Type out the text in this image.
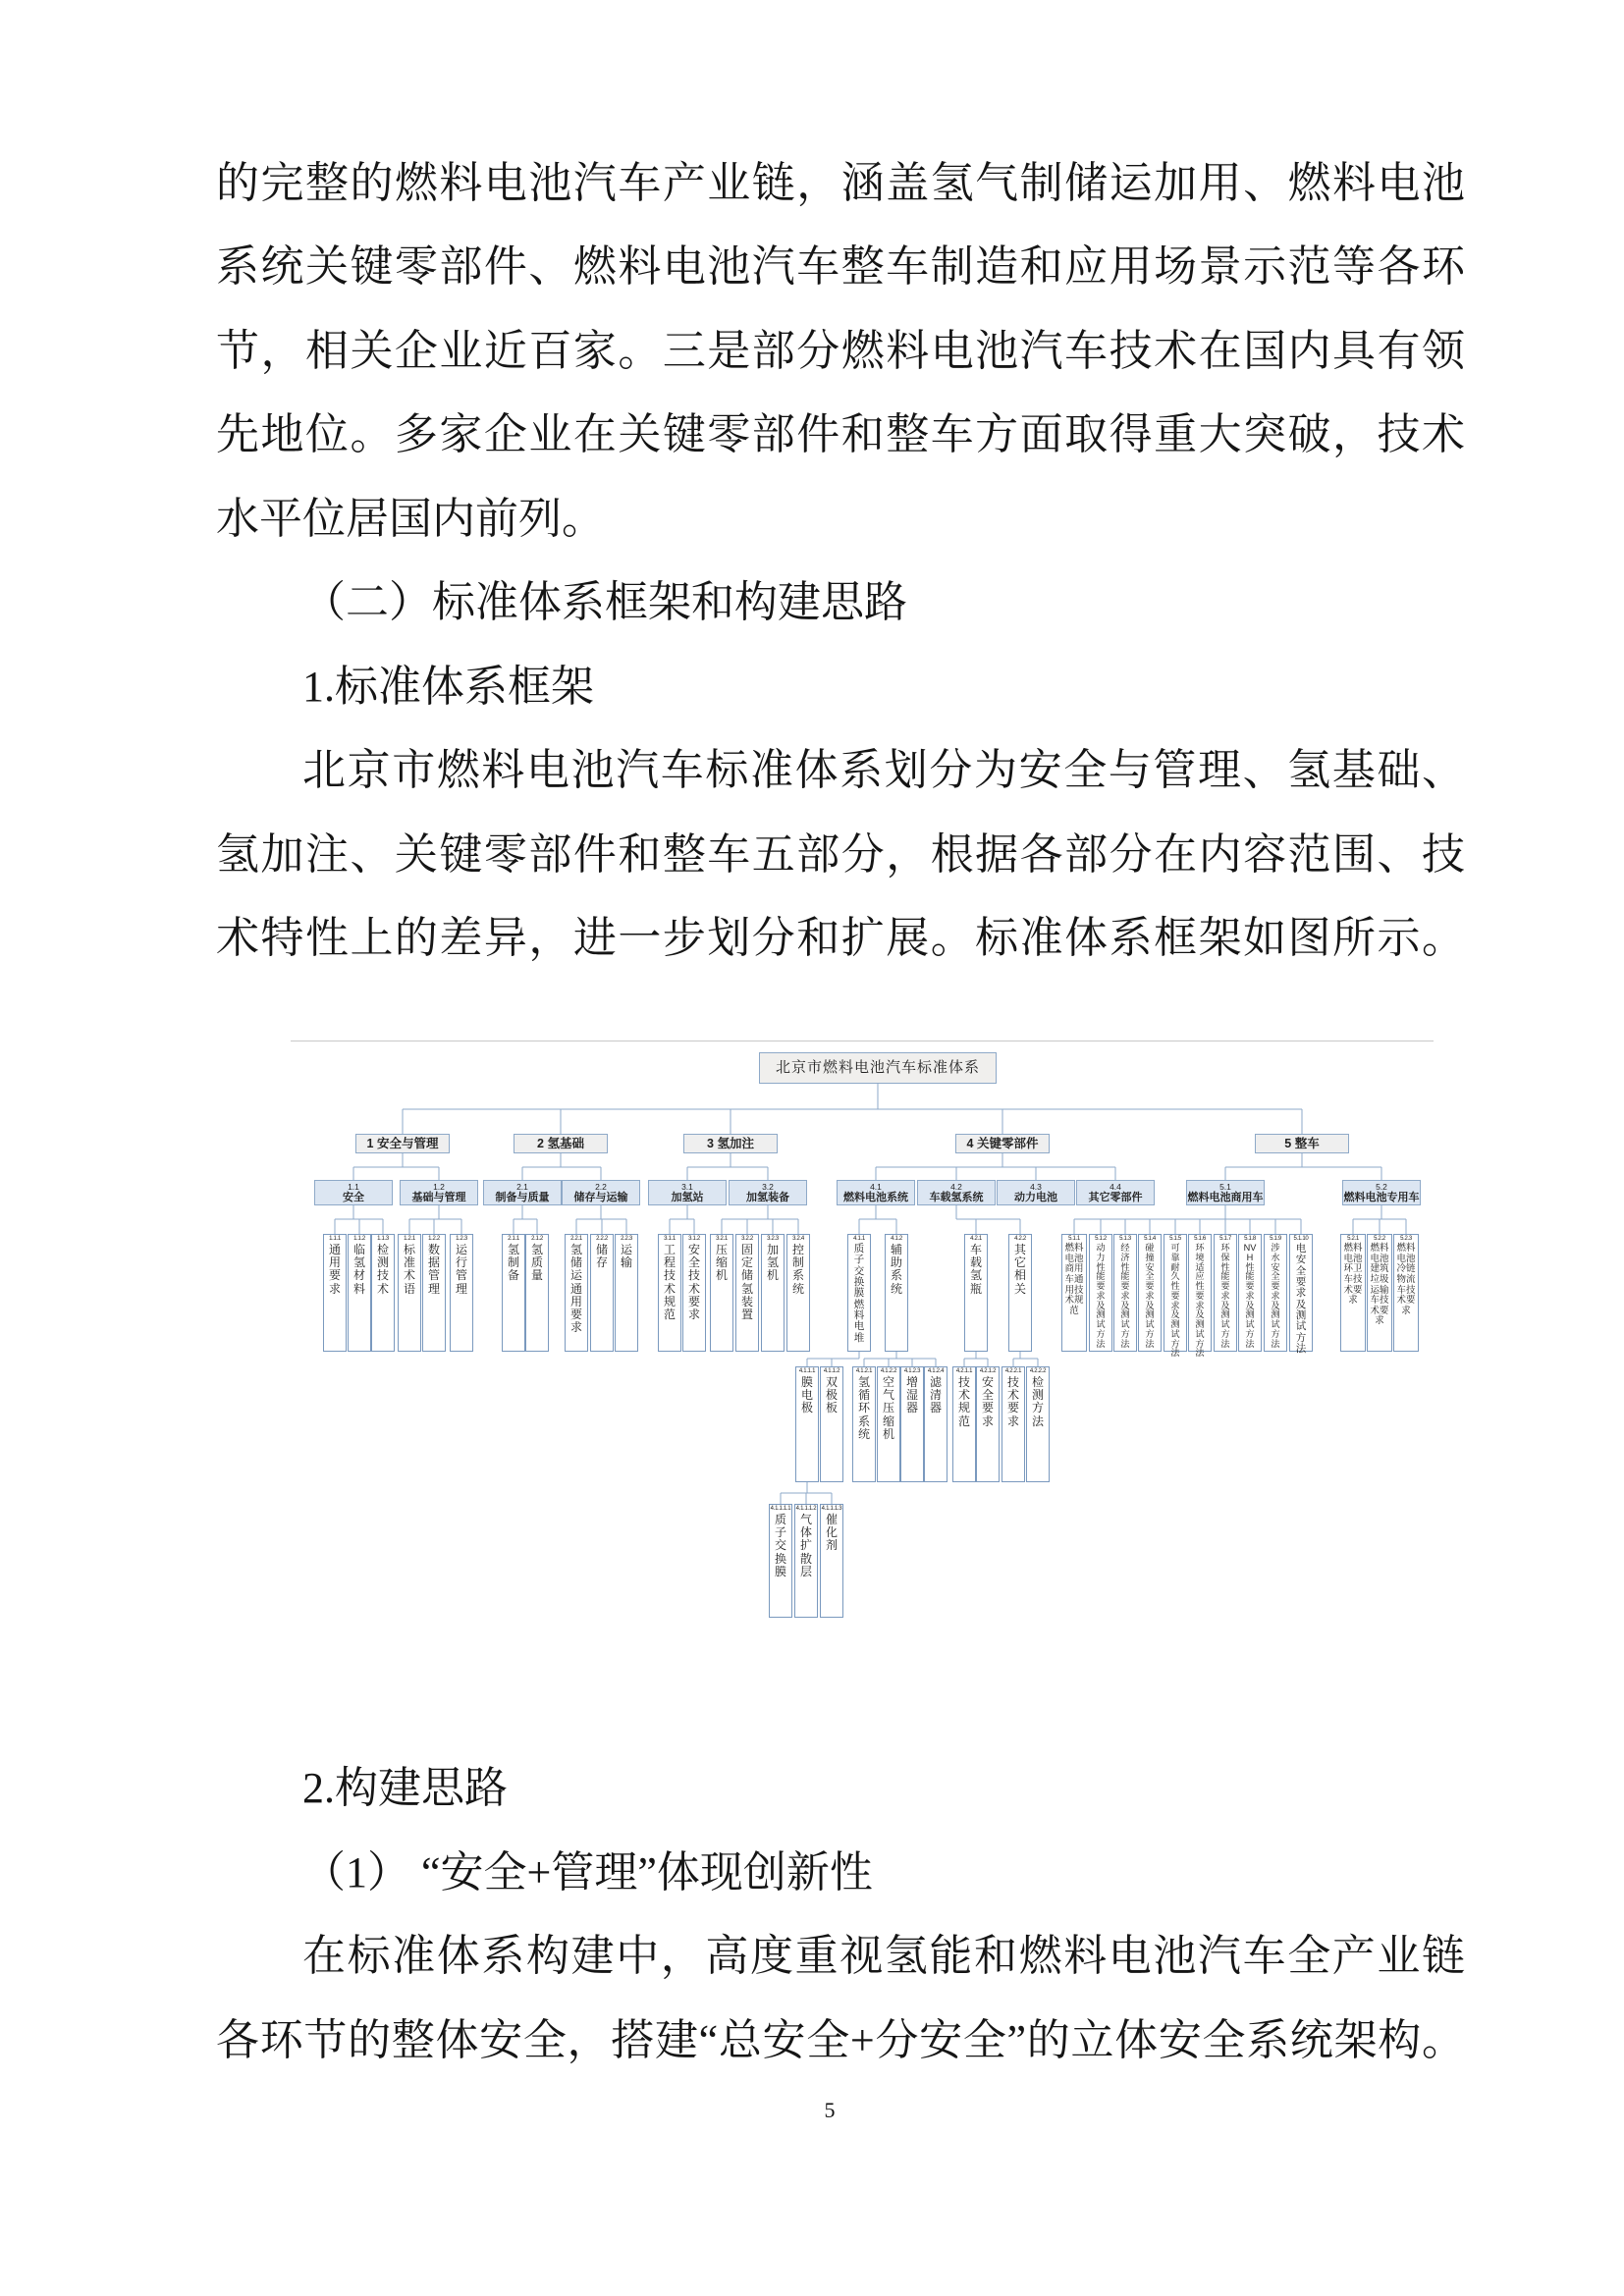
的完整的燃料电池汽车产业链，涵盖氢气制储运加用、燃料电池
系统关键零部件、燃料电池汽车整车制造和应用场景示范等各环
节，相关企业近百家。三是部分燃料电池汽车技术在国内具有领
先地位。多家企业在关键零部件和整车方面取得重大突破，技术
水平位居国内前列。
（二）标准体系框架和构建思路
1.标准体系框架
北京市燃料电池汽车标准体系划分为安全与管理、氢基础、
氢加注、关键零部件和整车五部分，根据各部分在内容范围、技
术特性上的差异，进一步划分和扩展。标准体系框架如图所示。
北京市燃料电池汽车标准体系
1 安全与管理	2 氢基础	3 氢加注	4 关键零部件	5 整车
1.1
安全
1.2
基础与管理
2.1
制备与质量
2.2
储存与运输
3.1
加氢站
3.2
加氢装备
4.1
燃料电池系统
4.2
车载氢系统
4.3
动力电池
4.4
其它零部件
5.1
燃料电池商用车
5.2
燃料电池专用车
1.1.1
通用要求
1.1.2
临氢材料
1.1.3
检测技术
1.2.1
标准术语
1.2.2
数据管理
1.2.3
运行管理
2.1.1
氢制备
2.1.2
氢质量
2.2.1
氢储运通用要求
2.2.2
储存
2.2.3
运输
3.1.1
工程技术规范
3.1.2
安全技术要求
3.2.1
压缩机
3.2.2
固定储氢装置
3.2.3
加氢机
3.2.4
控制系统
4.1.1
质子交换膜燃料电堆
4.1.2
辅助系统
4.2.1
车载氢瓶
4.2.2
其它相关
5.1.1
燃料电池商用车通用技术规范
5.1.2
动力性能要求及测试方法
5.1.3
经济性能要求及测试方法
5.1.4
碰撞安全要求及测试方法
5.1.5
可靠耐久性要求及测试方法
5.1.6
环境适应性要求及测试方法
5.1.7
环保性能要求及测试方法
5.1.8
NVH性能要求及测试方法
5.1.9
涉水安全要求及测试方法
5.1.10
电安全要求及测试方法
5.2.1
燃料电池环卫车技术要求
5.2.2
燃料电池建筑垃圾运输车技术要求
5.2.3
燃料电池冷链物流车技术要求
4.1.1.1
膜电极
4.1.1.2
双极板
4.1.2.1
氢循环系统
4.1.2.2
空气压缩机
4.1.2.3
增湿器
4.1.2.4
滤清器
4.2.1.1
技术规范
4.2.1.2
安全要求
4.2.2.1
技术要求
4.2.2.2
检测方法
4.1.1.1.1
质子交换膜
4.1.1.1.2
气体扩散层
4.1.1.1.3
催化剂
2.构建思路
（1） “安全+管理”体现创新性
在标准体系构建中，高度重视氢能和燃料电池汽车全产业链
各环节的整体安全，搭建“总安全+分安全”的立体安全系统架构。
5
